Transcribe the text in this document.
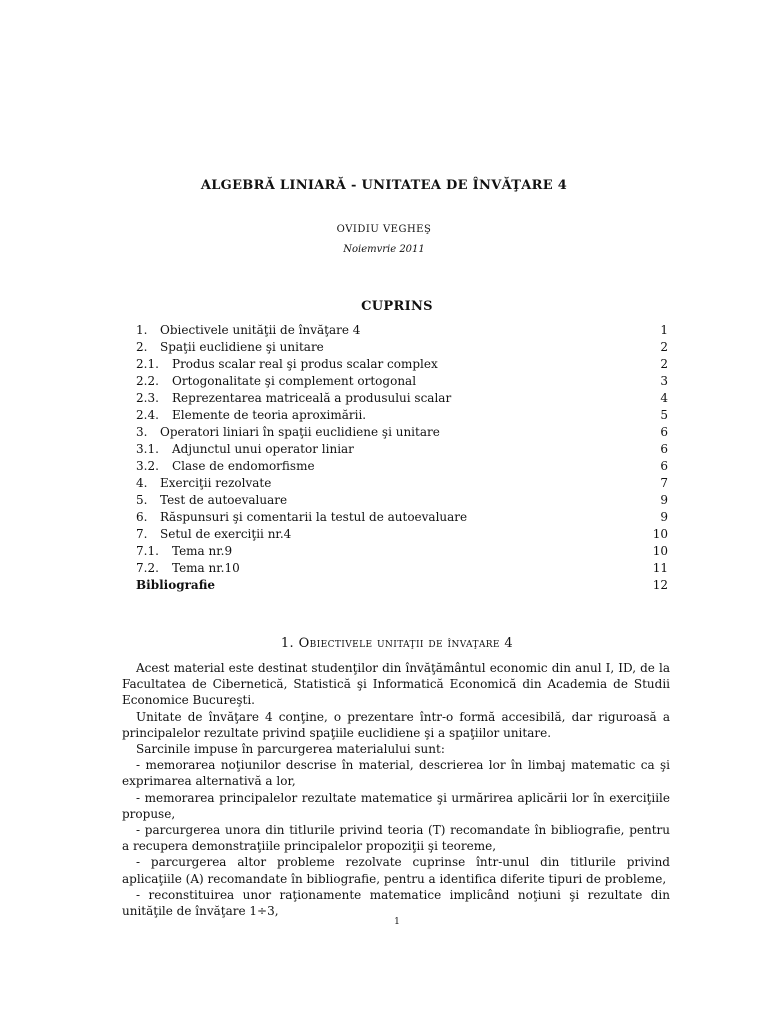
ALGEBRĂ LINIARĂ - UNITATEA DE ÎNVĂŢARE 4
OVIDIU VEGHEŞ
Noiemvrie 2011
CUPRINS
1. Obiectivele unităţii de învăţare 4	1
2. Spaţii euclidiene şi unitare	2
2.1. Produs scalar real şi produs scalar complex	2
2.2. Ortogonalitate şi complement ortogonal	3
2.3. Reprezentarea matriceală a produsului scalar	4
2.4. Elemente de teoria aproximării.	5
3. Operatori liniari în spaţii euclidiene şi unitare	6
3.1. Adjunctul unui operator liniar	6
3.2. Clase de endomorfisme	6
4. Exerciţii rezolvate	7
5. Test de autoevaluare	9
6. Răspunsuri şi comentarii la testul de autoevaluare	9
7. Setul de exerciţii nr.4	10
7.1. Tema nr.9	10
7.2. Tema nr.10	11
Bibliografie	12
1. Obiectivele unitaţii de învaţare 4

Acest material este destinat studenţilor din învăţământul economic din anul I, ID, de la Facultatea de Cibernetică, Statistică şi Informatică Economică din Academia de Studii Economice Bucureşti.

Unitate de învăţare 4 conţine, o prezentare într-o formă accesibilă, dar riguroasă a principalelor rezultate privind spaţiile euclidiene şi a spaţiilor unitare.

Sarcinile impuse în parcurgerea materialului sunt:

- memorarea noţiunilor descrise în material, descrierea lor în limbaj matematic ca şi exprimarea alternativă a lor,

- memorarea principalelor rezultate matematice şi urmărirea aplicării lor în exerciţiile propuse,

- parcurgerea unora din titlurile privind teoria (T) recomandate în bibliografie, pentru a recupera demonstraţiile principalelor propoziţii şi teoreme,

- parcurgerea altor probleme rezolvate cuprinse într-unul din titlurile privind aplicaţiile (A) recomandate în bibliografie, pentru a identifica diferite tipuri de probleme,

- reconstituirea unor raţionamente matematice implicând noţiuni şi rezultate din unităţile de învăţare 1÷3,

1
